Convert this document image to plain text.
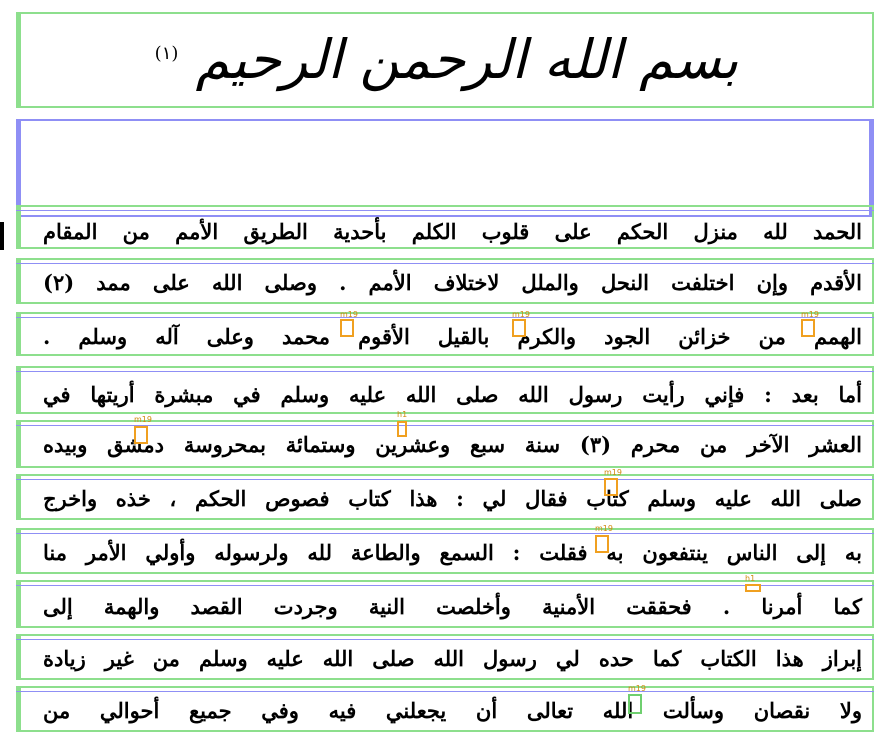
بسم الله الرحمن الرحيم $^{(١)}$
الحمد لله منزل الحكم على قلوب الكلم بأحدية الطريق الأمم من المقام
الأقدم وإن اختلفت النحل والملل لاختلاف الأمم . وصلى الله على ممد (٢)
الهمم من خزائن الجود والكرم بالقيل الأقوم محمد وعلى آله وسلم .
أما بعد : فإني رأيت رسول الله صلى الله عليه وسلم في مبشرة أريتها في
العشر الآخر من محرم (٣) سنة سبع وعشرين وستمائة بمحروسة دمشق وبيده
صلى الله عليه وسلم كتاب فقال لي : هذا كتاب فصوص الحكم ، خذه واخرج
به إلى الناس ينتفعون به فقلت : السمع والطاعة لله ولرسوله وأولي الأمر منا
كما أمرنا . فحققت الأمنية وأخلصت النية وجردت القصد والهمة إلى
إبراز هذا الكتاب كما حده لي رسول الله صلى الله عليه وسلم من غير زيادة
ولا نقصان وسألت الله تعالى أن يجعلني فيه وفي جميع أحوالي من
m19
m19
m19
m19
h1
m19
m19
h1
m19
